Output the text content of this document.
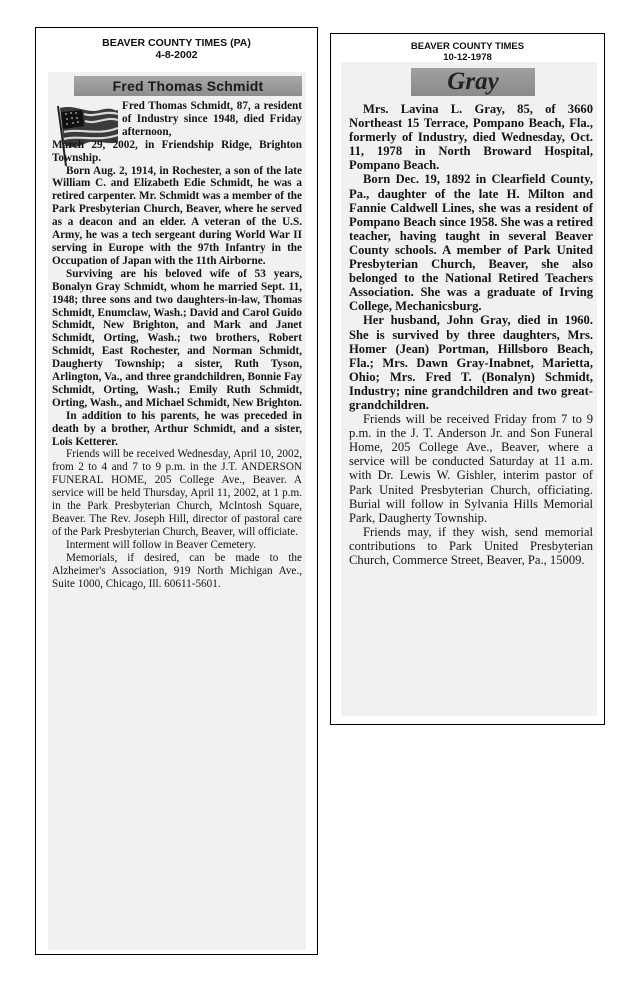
BEAVER COUNTY TIMES (PA)
4-8-2002
Fred Thomas Schmidt

Fred Thomas Schmidt, 87, a resident of Industry since 1948, died Friday afternoon,

March 29, 2002, in Friendship Ridge, Brighton Township.

Born Aug. 2, 1914, in Rochester, a son of the late William C. and Elizabeth Edie Schmidt, he was a retired carpenter. Mr. Schmidt was a member of the Park Presbyterian Church, Beaver, where he served as a deacon and an elder. A veteran of the U.S. Army, he was a tech sergeant during World War II serving in Europe with the 97th Infantry in the Occupation of Japan with the 11th Airborne.

Surviving are his beloved wife of 53 years, Bonalyn Gray Schmidt, whom he married Sept. 11, 1948; three sons and two daughters-in-law, Thomas Schmidt, Enumclaw, Wash.; David and Carol Guido Schmidt, New Brighton, and Mark and Janet Schmidt, Orting, Wash.; two brothers, Robert Schmidt, East Rochester, and Norman Schmidt, Daugherty Township; a sister, Ruth Tyson, Arlington, Va., and three grandchildren, Bonnie Fay Schmidt, Orting, Wash.; Emily Ruth Schmidt, Orting, Wash., and Michael Schmidt, New Brighton.

In addition to his parents, he was preceded in death by a brother, Arthur Schmidt, and a sister, Lois Ketterer.

Friends will be received Wednesday, April 10, 2002, from 2 to 4 and 7 to 9 p.m. in the J.T. ANDERSON FUNERAL HOME, 205 College Ave., Beaver. A service will be held Thursday, April 11, 2002, at 1 p.m. in the Park Presbyterian Church, McIntosh Square, Beaver. The Rev. Joseph Hill, director of pastoral care of the Park Presbyterian Church, Beaver, will officiate.

Interment will follow in Beaver Cemetery.

Memorials, if desired, can be made to the Alzheimer's Association, 919 North Michigan Ave., Suite 1000, Chicago, Ill. 60611-5601.

BEAVER COUNTY TIMES
10-12-1978
Gray

Mrs. Lavina L. Gray, 85, of 3660 Northeast 15 Terrace, Pompano Beach, Fla., formerly of Industry, died Wednesday, Oct. 11, 1978 in North Broward Hospital, Pompano Beach.

Born Dec. 19, 1892 in Clearfield County, Pa., daughter of the late H. Milton and Fannie Caldwell Lines, she was a resident of Pompano Beach since 1958. She was a retired teacher, having taught in several Beaver County schools. A member of Park United Presbyterian Church, Beaver, she also belonged to the National Retired Teachers Association. She was a graduate of Irving College, Mechanicsburg.

Her husband, John Gray, died in 1960. She is survived by three daughters, Mrs. Homer (Jean) Portman, Hillsboro Beach, Fla.; Mrs. Dawn Gray-Inabnet, Marietta, Ohio; Mrs. Fred T. (Bonalyn) Schmidt, Industry; nine grandchildren and two great-grandchildren.

Friends will be received Friday from 7 to 9 p.m. in the J. T. Anderson Jr. and Son Funeral Home, 205 College Ave., Beaver, where a service will be conducted Saturday at 11 a.m. with Dr. Lewis W. Gishler, interim pastor of Park United Presbyterian Church, officiating. Burial will follow in Sylvania Hills Memorial Park, Daugherty Township.

Friends may, if they wish, send memorial contributions to Park United Presbyterian Church, Commerce Street, Beaver, Pa., 15009.
